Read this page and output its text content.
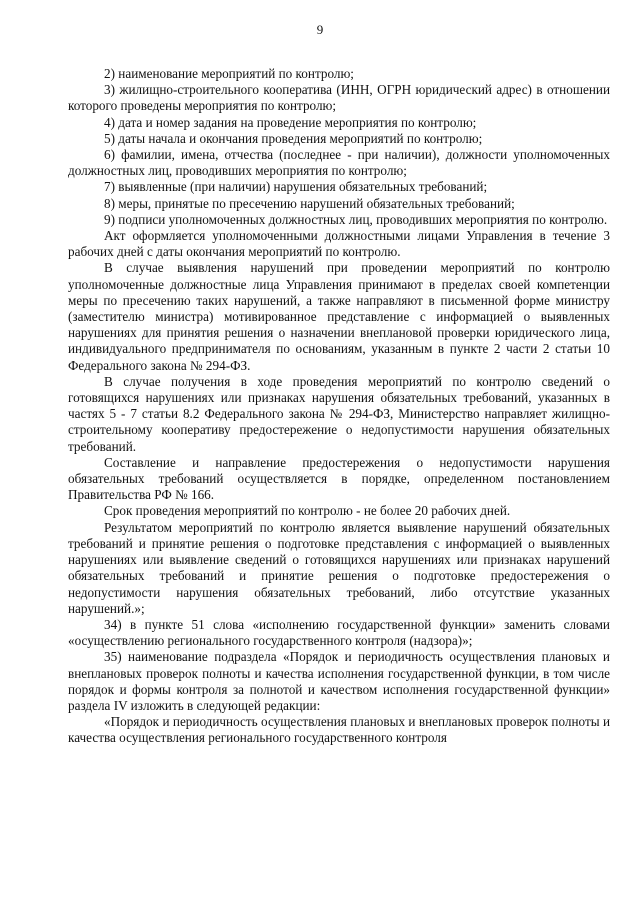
9

2) наименование мероприятий по контролю;

3) жилищно-строительного кооператива (ИНН, ОГРН юридический адрес) в отношении которого проведены мероприятия по контролю;

4) дата и номер задания на проведение мероприятия по контролю;

5) даты начала и окончания проведения мероприятий по контролю;

6) фамилии, имена, отчества (последнее - при наличии), должности уполномоченных должностных лиц, проводивших мероприятия по контролю;

7) выявленные (при наличии) нарушения обязательных требований;

8) меры, принятые по пресечению нарушений обязательных требований;

9) подписи уполномоченных должностных лиц, проводивших мероприятия по контролю.

Акт оформляется уполномоченными должностными лицами Управления в течение 3 рабочих дней с даты окончания мероприятий по контролю.

В случае выявления нарушений при проведении мероприятий по контролю уполномоченные должностные лица Управления принимают в пределах своей компетенции меры по пресечению таких нарушений, а также направляют в письменной форме министру (заместителю министра) мотивированное представление с информацией о выявленных нарушениях для принятия решения о назначении внеплановой проверки юридического лица, индивидуального предпринимателя по основаниям, указанным в пункте 2 части 2 статьи 10 Федерального закона № 294-ФЗ.

В случае получения в ходе проведения мероприятий по контролю сведений о готовящихся нарушениях или признаках нарушения обязательных требований, указанных в частях 5 - 7 статьи 8.2 Федерального закона № 294-ФЗ, Министерство направляет жилищно-строительному кооперативу предостережение о недопустимости нарушения обязательных требований.

Составление и направление предостережения о недопустимости нарушения обязательных требований осуществляется в порядке, определенном постановлением Правительства РФ № 166.

Срок проведения мероприятий по контролю - не более 20 рабочих дней.

Результатом мероприятий по контролю является выявление нарушений обязательных требований и принятие решения о подготовке представления с информацией о выявленных нарушениях или выявление сведений о готовящихся нарушениях или признаках нарушений обязательных требований и принятие решения о подготовке предостережения о недопустимости нарушения обязательных требований, либо отсутствие указанных нарушений.»;

34) в пункте 51 слова «исполнению государственной функции» заменить словами «осуществлению регионального государственного контроля (надзора)»;

35) наименование подраздела «Порядок и периодичность осуществления плановых и внеплановых проверок полноты и качества исполнения государственной функции, в том числе порядок и формы контроля за полнотой и качеством исполнения государственной функции» раздела IV изложить в следующей редакции:

«Порядок и периодичность осуществления плановых и внеплановых проверок полноты и качества осуществления регионального государственного контроля
